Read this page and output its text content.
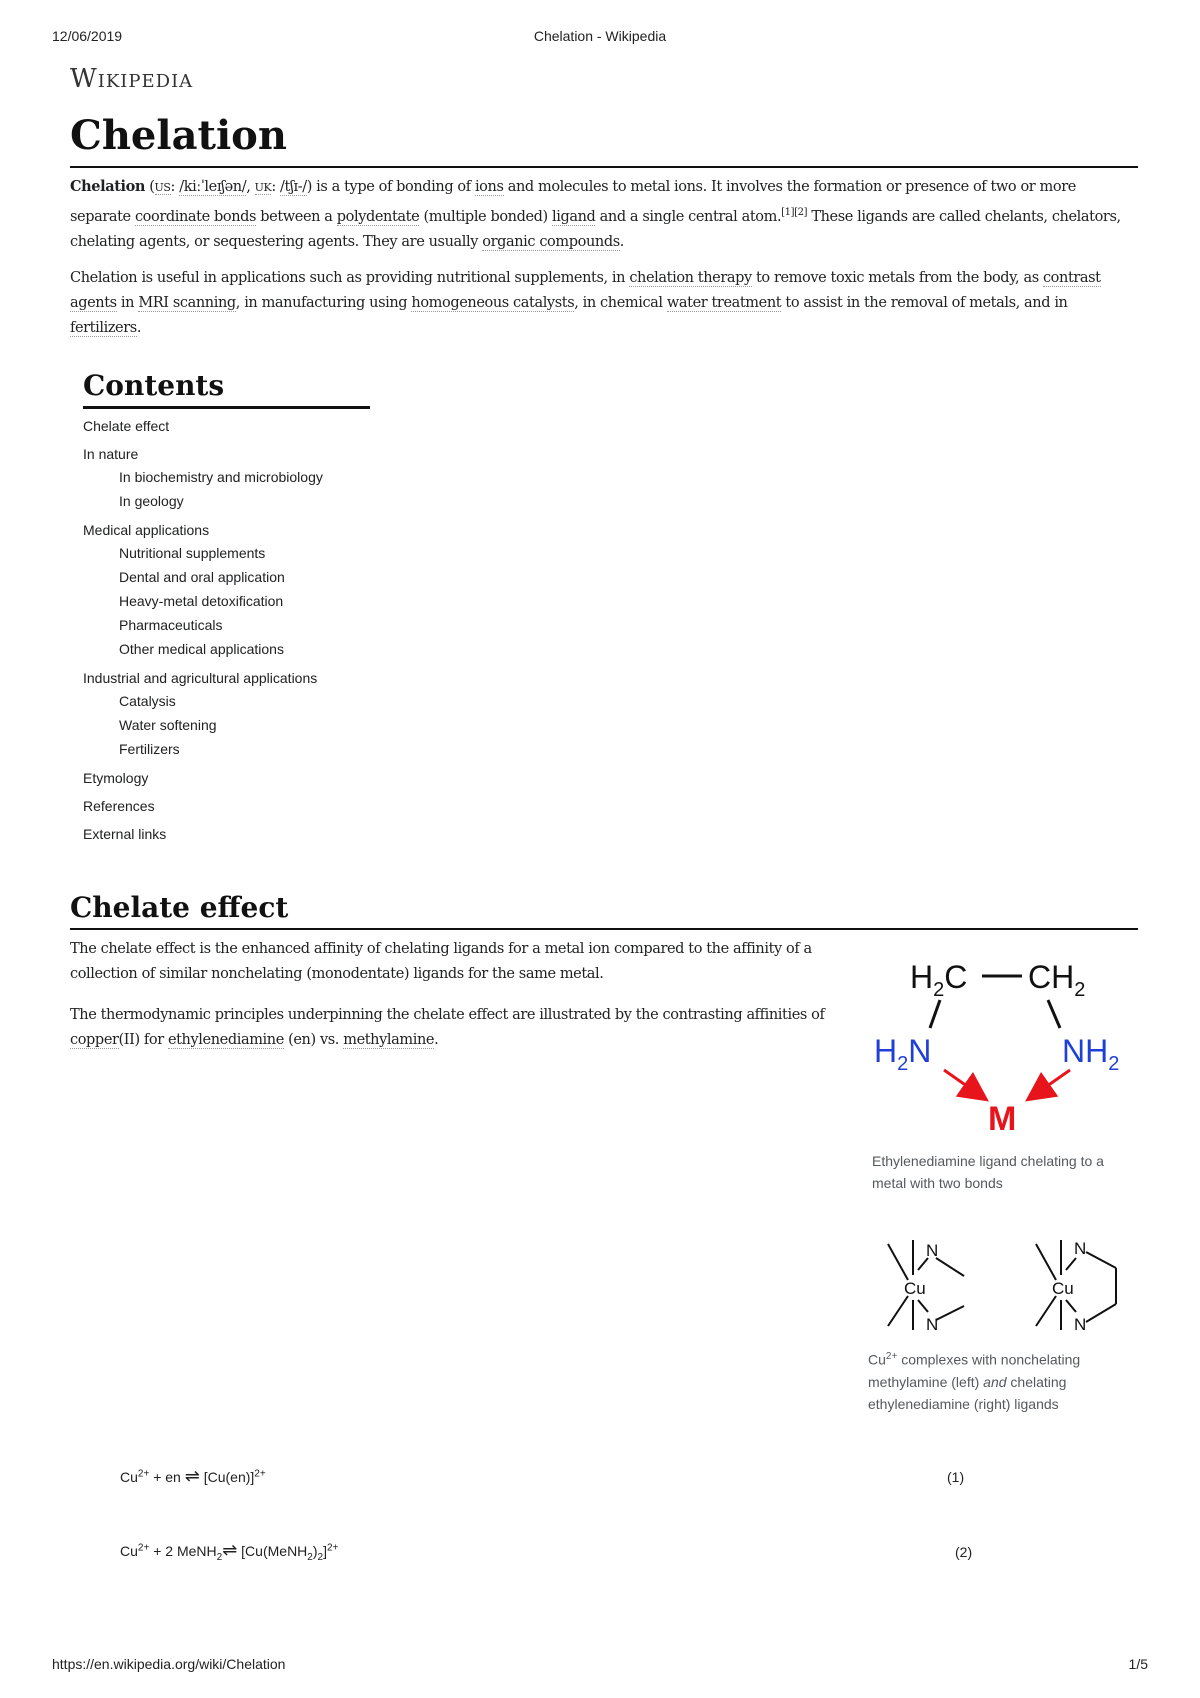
12/06/2019	Chelation - Wikipedia
Wikipedia
Chelation

Chelation (US: /kiːˈleɪʃən/, UK: /tʃɪ-/) is a type of bonding of ions and molecules to metal ions. It involves the formation or presence of two or more separate coordinate bonds between a polydentate (multiple bonded) ligand and a single central atom.[1][2] These ligands are called chelants, chelators, chelating agents, or sequestering agents. They are usually organic compounds.

Chelation is useful in applications such as providing nutritional supplements, in chelation therapy to remove toxic metals from the body, as contrast agents in MRI scanning, in manufacturing using homogeneous catalysts, in chemical water treatment to assist in the removal of metals, and in fertilizers.

Contents
Chelate effect
In nature
In biochemistry and microbiology
In geology
Medical applications
Nutritional supplements
Dental and oral application
Heavy-metal detoxification
Pharmaceuticals
Other medical applications
Industrial and agricultural applications
Catalysis
Water softening
Fertilizers
Etymology
References
External links
Chelate effect

The chelate effect is the enhanced affinity of chelating ligands for a metal ion compared to the affinity of a collection of similar nonchelating (monodentate) ligands for the same metal.

The thermodynamic principles underpinning the chelate effect are illustrated by the contrasting affinities of copper(II) for ethylenediamine (en) vs. methylamine.

$H_2C$ $CH_2$
$H_2N$	$NH_2$
M
Ethylenediamine ligand chelating to a metal with two bonds
Cu
N
N
Cu
N
N
$Cu^{2+}$ complexes with nonchelating methylamine (left) and chelating ethylenediamine (right) ligands
$Cu^{2+}$ + en ⇌ $[Cu(en)]^{2+}$	(1)
$Cu^{2+} + 2$ MeNH$_2$⇌ $[Cu(MeNH_2)_2]^{2+}$	(2)
https://en.wikipedia.org/wiki/Chelation	1/5
